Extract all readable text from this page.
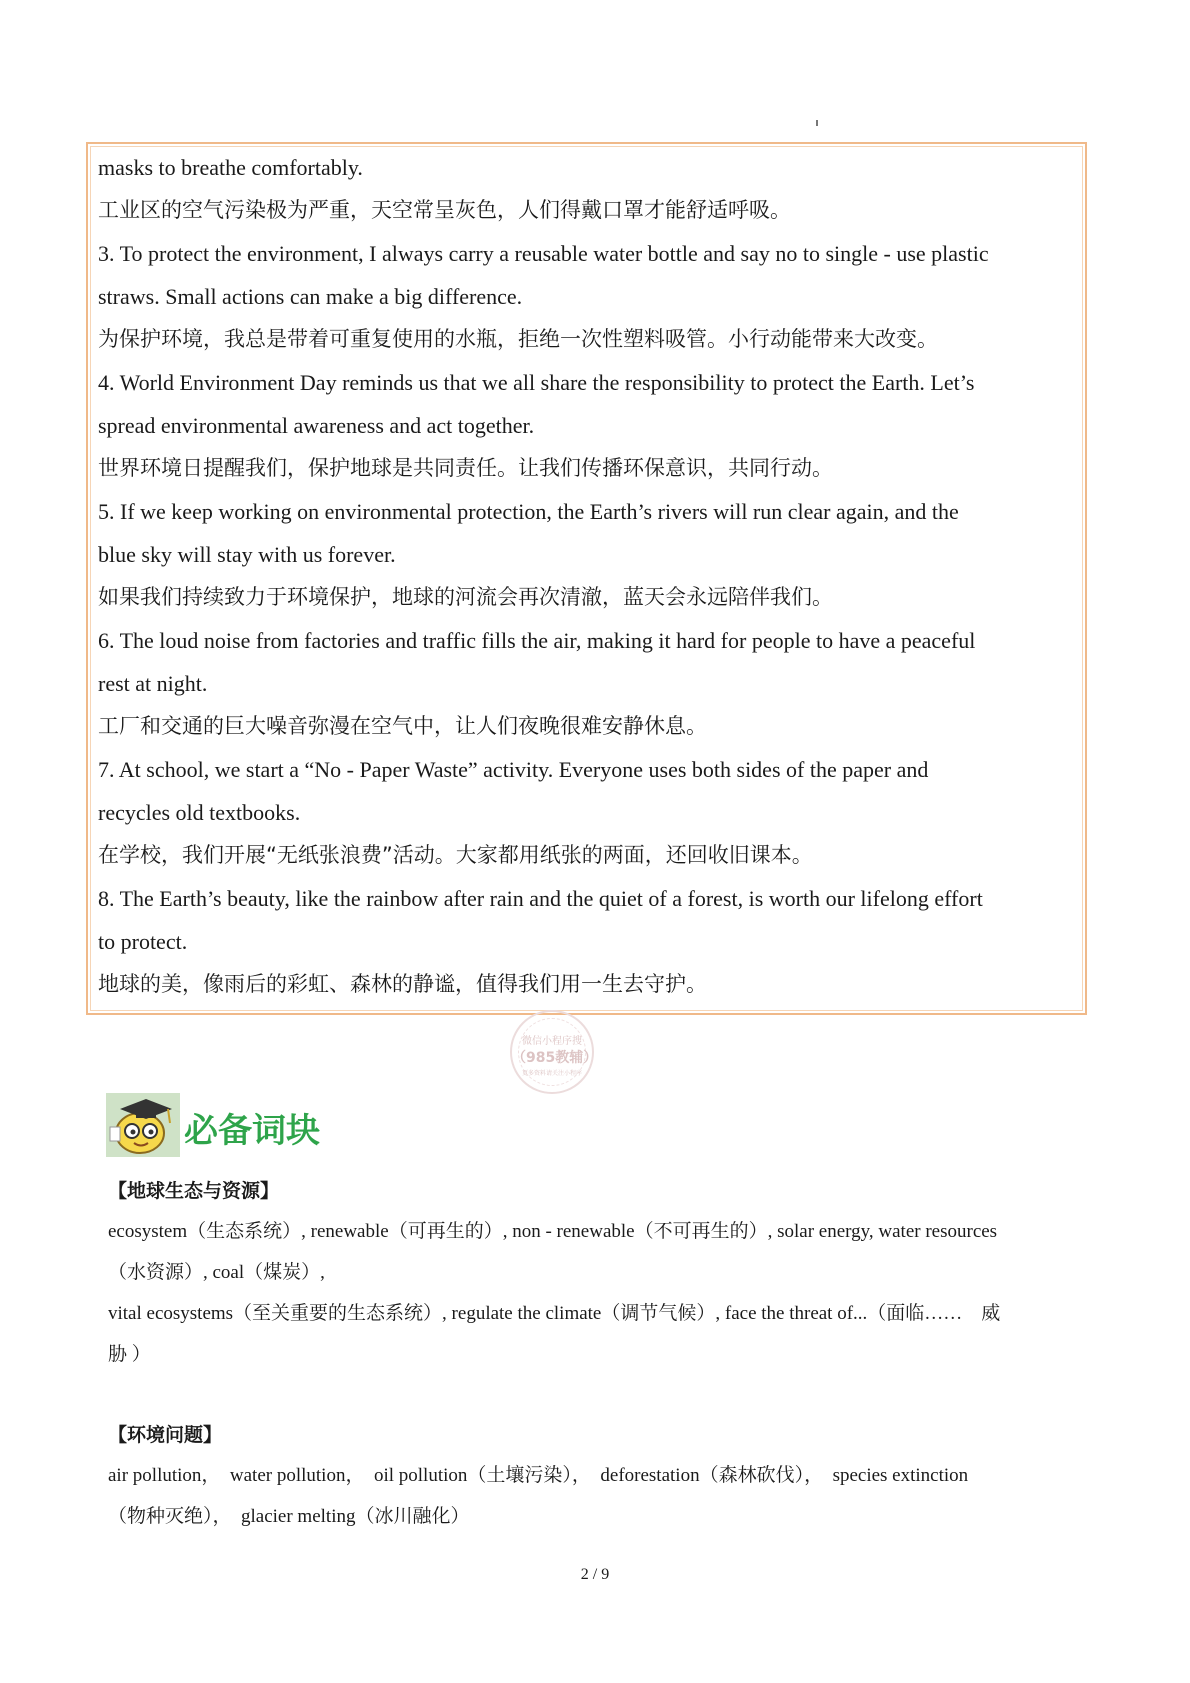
masks to breathe comfortably.
工业区的空气污染极为严重，天空常呈灰色，人们得戴口罩才能舒适呼吸。
3. To protect the environment, I always carry a reusable water bottle and say no to single - use plastic
straws. Small actions can make a big difference.
为保护环境，我总是带着可重复使用的水瓶，拒绝一次性塑料吸管。小行动能带来大改变。
4. World Environment Day reminds us that we all share the responsibility to protect the Earth. Let’s
spread environmental awareness and act together.
世界环境日提醒我们，保护地球是共同责任。让我们传播环保意识，共同行动。
5. If we keep working on environmental protection, the Earth’s rivers will run clear again, and the
blue sky will stay with us forever.
如果我们持续致力于环境保护，地球的河流会再次清澈，蓝天会永远陪伴我们。
6. The loud noise from factories and traffic fills the air, making it hard for people to have a peaceful
rest at night.
工厂和交通的巨大噪音弥漫在空气中，让人们夜晚很难安静休息。
7. At school, we start a “No - Paper Waste” activity. Everyone uses both sides of the paper and
recycles old textbooks.
在学校，我们开展“无纸张浪费”活动。大家都用纸张的两面，还回收旧课本。
8. The Earth’s beauty, like the rainbow after rain and the quiet of a forest, is worth our lifelong effort
to protect.
地球的美，像雨后的彩虹、森林的静谧，值得我们用一生去守护。
微信小程序搜
（985教辅）
更多资料请关注小程序
必备词块
【地球生态与资源】
ecosystem（生态系统）, renewable（可再生的）, non - renewable（不可再生的）, solar energy, water resources
（水资源）, coal（煤炭）,
vital ecosystems（至关重要的生态系统）, regulate the climate（调节气候）, face the threat of...（面临……　威
胁 ）
【环境问题】
air pollution，　water pollution，　oil pollution（土壤污染），　deforestation（森林砍伐），　species extinction
（物种灭绝），　glacier melting（冰川融化）
2 / 9
